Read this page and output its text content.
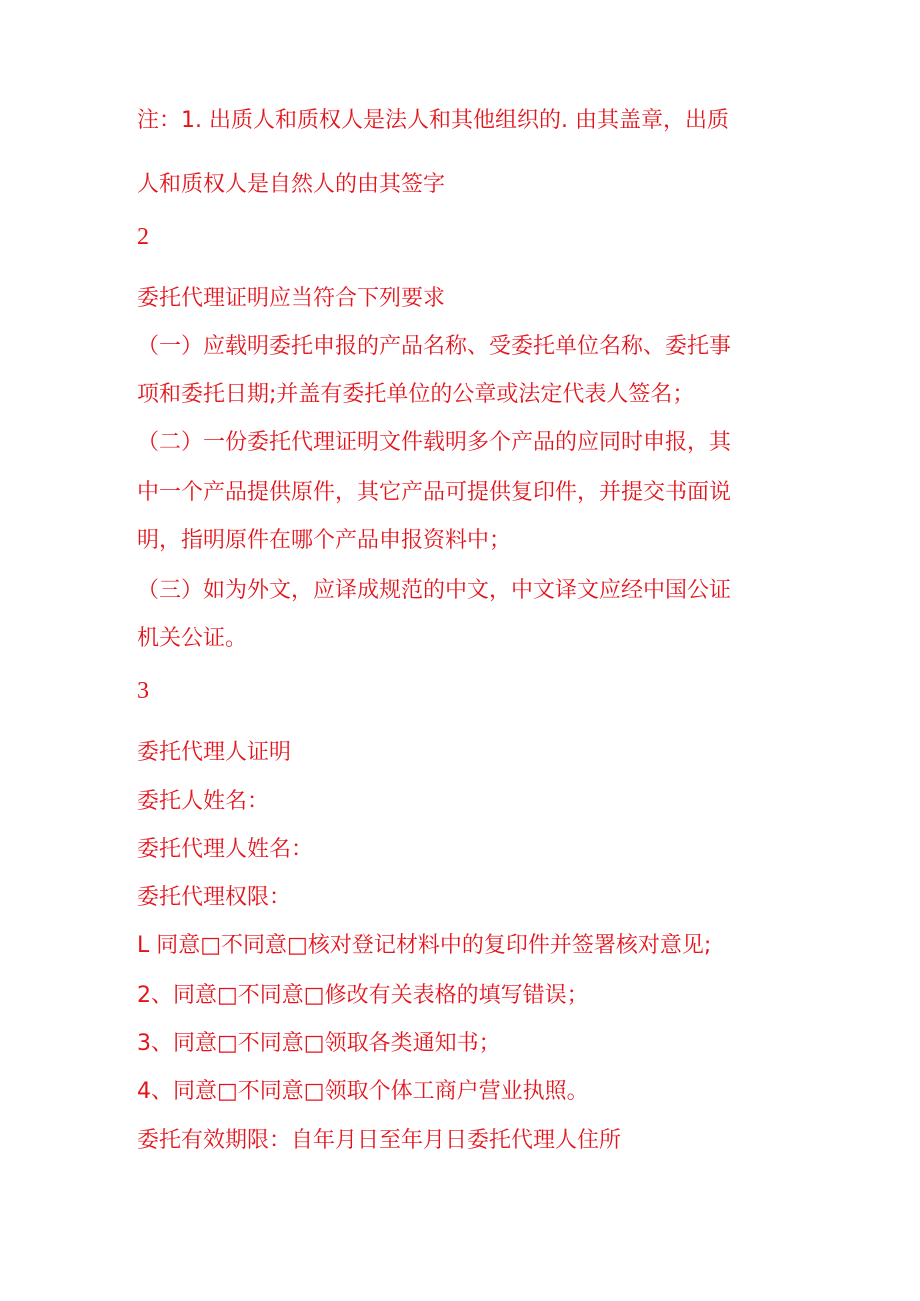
注：1. 出质人和质权人是法人和其他组织的. 由其盖章，出质
人和质权人是自然人的由其签字
2
委托代理证明应当符合下列要求
（一）应载明委托申报的产品名称、受委托单位名称、委托事
项和委托日期;并盖有委托单位的公章或法定代表人签名；
（二）一份委托代理证明文件载明多个产品的应同时申报，其
中一个产品提供原件，其它产品可提供复印件，并提交书面说
明，指明原件在哪个产品申报资料中；
（三）如为外文，应译成规范的中文，中文译文应经中国公证
机关公证。
3
委托代理人证明
委托人姓名：
委托代理人姓名：
委托代理权限：
L 同意□不同意□核对登记材料中的复印件并签署核对意见;
2、同意□不同意□修改有关表格的填写错误；
3、同意□不同意□领取各类通知书；
4、同意□不同意□领取个体工商户营业执照。
委托有效期限：自年月日至年月日委托代理人住所
